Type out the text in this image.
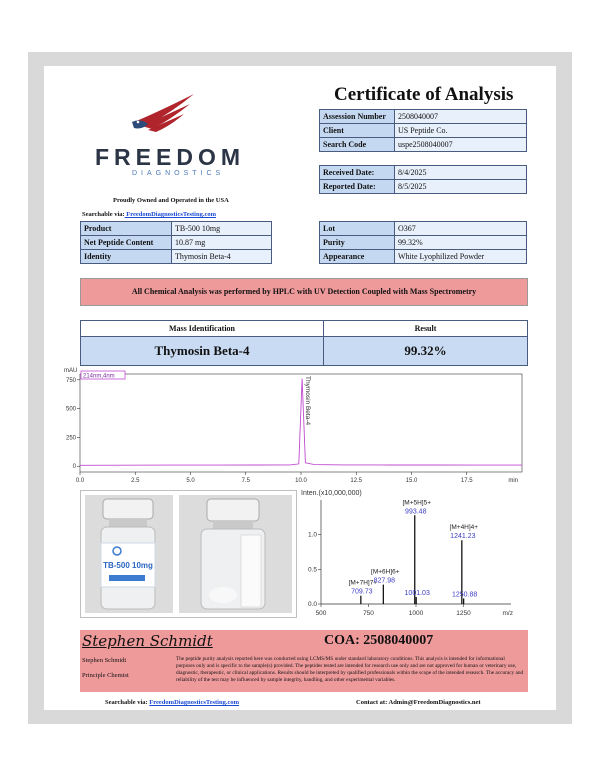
FREEDOM
DIAGNOSTICS
Proudly Owned and Operated in the USA
Searchable via: FreedomDiagnosticsTesting.com
Certificate of Analysis
Assession Number	2508040007
Client	US Peptide Co.
Search Code	uspe2508040007
Received Date:	8/4/2025
Reported Date:	8/5/2025
Product	TB-500 10mg
Net Peptide Content	10.87 mg
Identity	Thymosin Beta-4
Lot	O367
Purity	99.32%
Appearance	White Lyophilized Powder
All Chemical Analysis was performed by HPLC with UV Detection Coupled with Mass Spectrometry
Mass Identification	Result
Thymosin Beta-4	99.32%
mAU
214nm,4nm
0
250
500
750
0.0	2.5	5.0	7.5	10.0	12.5	15.0	17.5	min
Thymosin Beta-4
TB-500 10mg
Inten.(x10,000,000)
0.0
0.5
1.0
500	750	1000	1250	m/z
709.73
[M+7H]7+
827.98
[M+6H]6+
993.48
[M+5H]5+
1001.03
1241.23
[M+4H]4+
1250.88
Stephen Schmidt	COA: 2508040007
Stephen Schmidt
Principle Chemist
The peptide purity analysis reported here was conducted using LCMS/MS under standard laboratory conditions. This analysis is intended for informational purposes only and is specific to the sample(s) provided. The peptides tested are intended for research use only and are not approved for human or veterinary use, diagnostic, therapeutic, or clinical applications. Results should be interpreted by qualified professionals within the scope of the intended research. The accuracy and reliability of the test may be influenced by sample integrity, handling, and other experimental variables.
Searchable via: FreedomDiagnosticsTesting.com	Contact at: Admin@FreedomDiagnostics.net
